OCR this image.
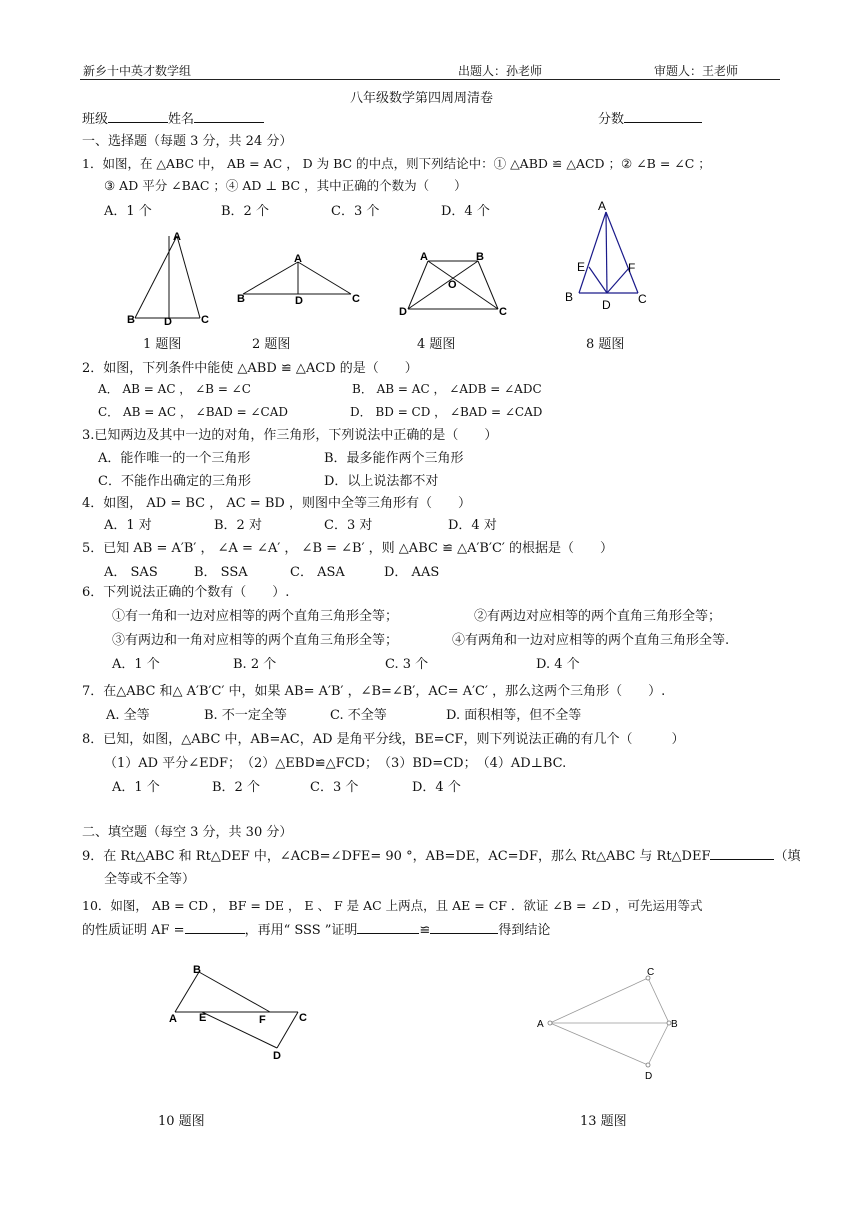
新乡十中英才数学组	出题人：孙老师	审题人：王老师
八年级数学第四周周清卷
班级	姓名	分数
一、选择题（每题 3 分，共 24 分）
1．如图，在 △ABC 中， AB = AC ， D 为 BC 的中点，则下列结论中：① △ABD ≌ △ACD ；② ∠B = ∠C ；
③ AD 平分 ∠BAC ；④ AD ⊥ BC ，其中正确的个数为（　　）
A．1 个	B．2 个	C．3 个	D．4 个
A
B	D	C
A
B	D	C
A	B
O
D	C
A
E	F
B
D C
1 题图	2 题图	4 题图	8 题图
2．如图，下列条件中能使 △ABD ≌ △ACD 的是（　　）
A． AB = AC ， ∠B = ∠C	B． AB = AC ， ∠ADB = ∠ADC
C． AB = AC ， ∠BAD = ∠CAD	D． BD = CD ， ∠BAD = ∠CAD
3.已知两边及其中一边的对角，作三角形，下列说法中正确的是（　　）
A．能作唯一的一个三角形	B．最多能作两个三角形
C．不能作出确定的三角形	D．以上说法都不对
4．如图， AD = BC ， AC = BD ，则图中全等三角形有（　　）
A．1 对	B．2 对	C．3 对	D．4 对
5．已知 AB = A′B′ ， ∠A = ∠A′ ， ∠B = ∠B′ ，则 △ABC ≌ △A′B′C′ 的根据是（　　）
A． SAS	B． SSA	C． ASA	D． AAS
6．下列说法正确的个数有（　　）.
①有一角和一边对应相等的两个直角三角形全等；	②有两边对应相等的两个直角三角形全等；
③有两边和一角对应相等的两个直角三角形全等；	④有两角和一边对应相等的两个直角三角形全等.
A．1 个	B. 2 个	C. 3 个	D. 4 个
7．在△ABC 和△ A′B′C′ 中，如果 AB= A′B′ ，∠B=∠B′，AC= A′C′ ，那么这两个三角形（　　）.
A. 全等	B. 不一定全等	C. 不全等	D. 面积相等，但不全等
8．已知，如图，△ABC 中，AB=AC，AD 是角平分线，BE=CF，则下列说法正确的有几个（　　　）
（1）AD 平分∠EDF；　（2）△EBD≌△FCD；　（3）BD=CD；　（4）AD⊥BC.
A．1 个	B．2 个	C．3 个	D．4 个
二、填空题（每空 3 分，共 30 分）
9．在 Rt△ABC 和 Rt△DEF 中，∠ACB=∠DFE= 90 °，AB=DE，AC=DF，那么 Rt△ABC 与 Rt△DEF	（填
全等或不全等）
10．如图， AB = CD ， BF = DE ， E 、 F 是 AC 上两点，且 AE = CF ．欲证 ∠B = ∠D ，可先运用等式
的性质证明 AF =	，再用“ SSS ”证明	≌	得到结论
B
A E	F	C
D
C
A	B
D
10 题图	13 题图
